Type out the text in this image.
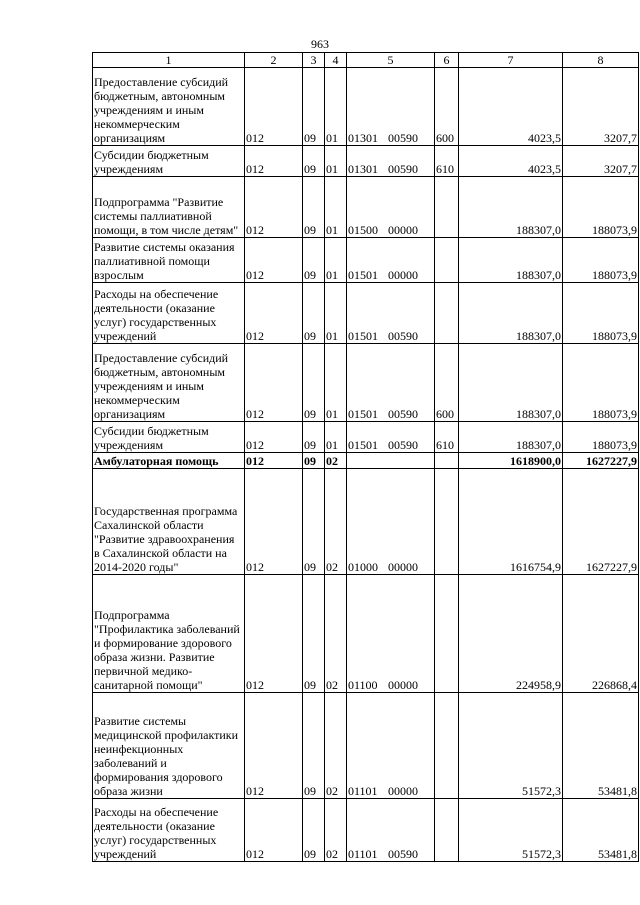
963
1	2	3	4	5	6	7	8
Предоставление субсидий бюджетным, автономным учреждениям и иным некоммерческим организациям	012	09	01	01301 00590	600	4023,5	3207,7
Субсидии бюджетным учреждениям	012	09	01	01301 00590	610	4023,5	3207,7
Подпрограмма "Развитие системы паллиативной помощи, в том числе детям"	012	09	01	01500 00000		188307,0	188073,9
Развитие системы оказания паллиативной помощи взрослым	012	09	01	01501 00000		188307,0	188073,9
Расходы на обеспечение деятельности (оказание услуг) государственных учреждений	012	09	01	01501 00590		188307,0	188073,9
Предоставление субсидий бюджетным, автономным учреждениям и иным некоммерческим организациям	012	09	01	01501 00590	600	188307,0	188073,9
Субсидии бюджетным учреждениям	012	09	01	01501 00590	610	188307,0	188073,9
Амбулаторная помощь	012	09	02			1618900,0	1627227,9
Государственная программа Сахалинской области "Развитие здравоохранения в Сахалинской области на 2014-2020 годы"	012	09	02	01000 00000		1616754,9	1627227,9
Подпрограмма "Профилактика заболеваний и формирование здорового образа жизни. Развитие первичной медико-санитарной помощи"	012	09	02	01100 00000		224958,9	226868,4
Развитие системы медицинской профилактики неинфекционных заболеваний и формирования здорового образа жизни	012	09	02	01101 00000		51572,3	53481,8
Расходы на обеспечение деятельности (оказание услуг) государственных учреждений	012	09	02	01101 00590		51572,3	53481,8
